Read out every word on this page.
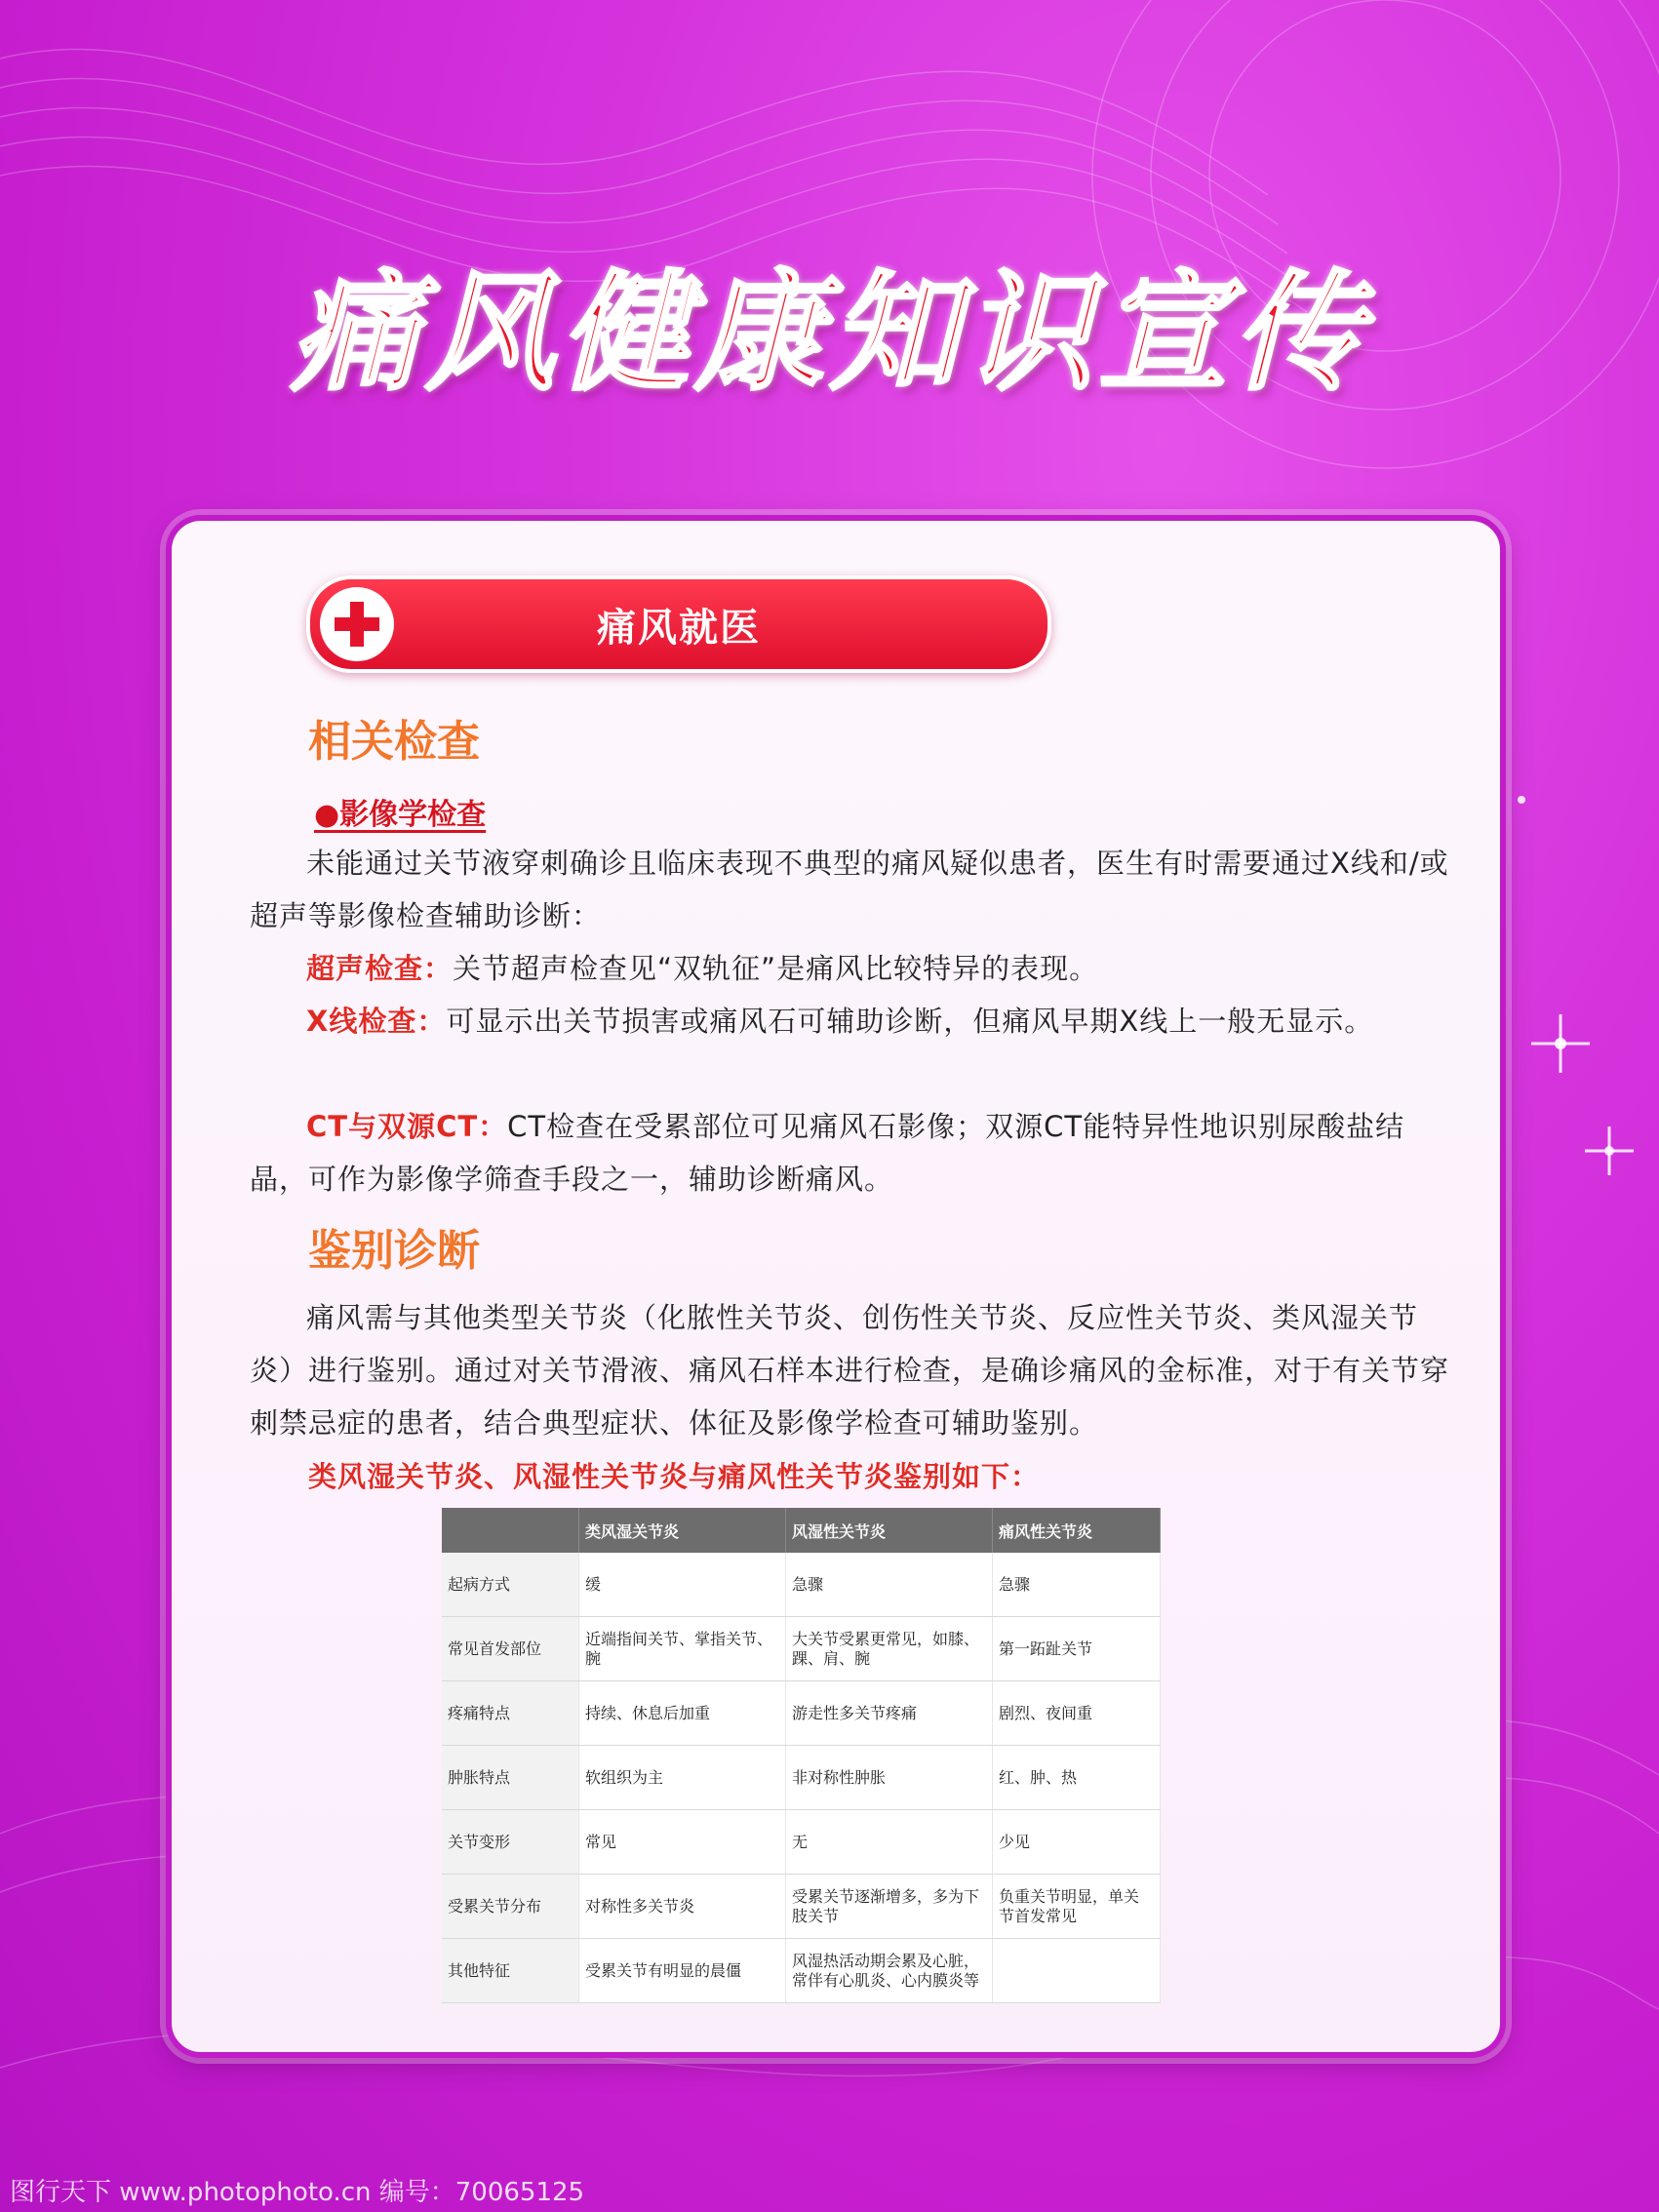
痛风健康知识宣传
痛风就医
相关检查
●影像学检查
未能通过关节液穿刺确诊且临床表现不典型的痛风疑似患者，医生有时需要通过X线和/或超声等影像检查辅助诊断：
超声检查：关节超声检查见“双轨征”是痛风比较特异的表现。
X线检查：可显示出关节损害或痛风石可辅助诊断，但痛风早期X线上一般无显示。
CT与双源CT：CT检查在受累部位可见痛风石影像；双源CT能特异性地识别尿酸盐结晶，可作为影像学筛查手段之一，辅助诊断痛风。
鉴别诊断
痛风需与其他类型关节炎（化脓性关节炎、创伤性关节炎、反应性关节炎、类风湿关节炎）进行鉴别。通过对关节滑液、痛风石样本进行检查，是确诊痛风的金标准，对于有关节穿刺禁忌症的患者，结合典型症状、体征及影像学检查可辅助鉴别。
类风湿关节炎、风湿性关节炎与痛风性关节炎鉴别如下：
	类风湿关节炎	风湿性关节炎	痛风性关节炎
起病方式	缓	急骤	急骤
常见首发部位	近端指间关节、掌指关节、腕	大关节受累更常见，如膝、踝、肩、腕	第一跖趾关节
疼痛特点	持续、休息后加重	游走性多关节疼痛	剧烈、夜间重
肿胀特点	软组织为主	非对称性肿胀	红、肿、热
关节变形	常见	无	少见
受累关节分布	对称性多关节炎	受累关节逐渐增多，多为下肢关节	负重关节明显，单关节首发常见
其他特征	受累关节有明显的晨僵	风湿热活动期会累及心脏，常伴有心肌炎、心内膜炎等	
图行天下 www.photophoto.cn 编号：70065125
